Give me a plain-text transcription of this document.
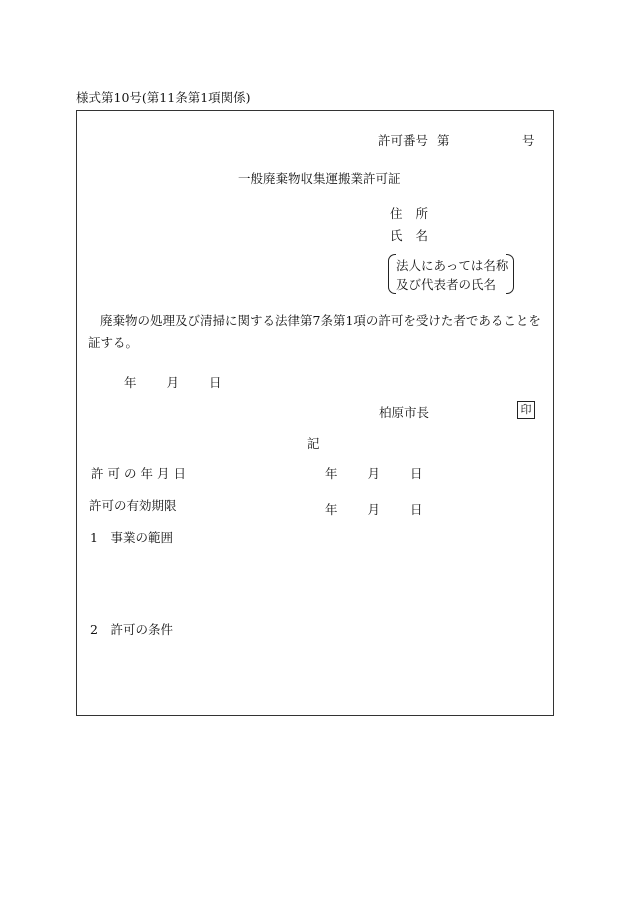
様式第10号(第11条第1項関係)
許可番号 第	号
一般廃棄物収集運搬業許可証
住所
氏名
法人にあっては名称
及び代表者の氏名
廃棄物の処理及び清掃に関する法律第7条第1項の許可を受けた者であることを証する。
年 月 日
柏原市長	印
記
許可の年月日	年 月 日
許可の有効期限	年 月 日
1　事業の範囲
2　許可の条件
